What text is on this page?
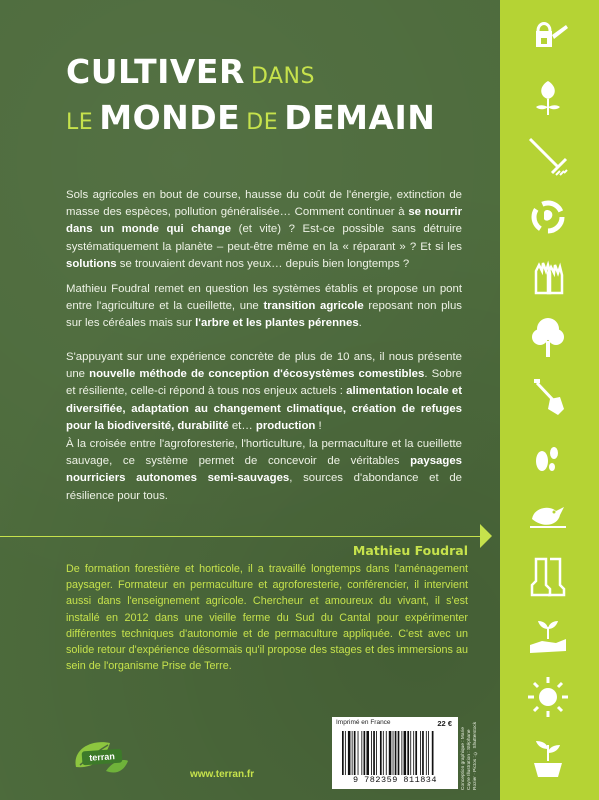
CULTIVER DANS
LE MONDE DE DEMAIN
Sols agricoles en bout de course, hausse du coût de l'énergie, extinction de masse des espèces, pollution généralisée… Comment continuer à se nourrir dans un monde qui change (et vite) ? Est-ce possible sans détruire systématiquement la planète – peut-être même en la « réparant » ? Et si les solutions se trouvaient devant nos yeux… depuis bien longtemps ?
Mathieu Foudral remet en question les systèmes établis et propose un pont entre l'agriculture et la cueillette, une transition agricole reposant non plus sur les céréales mais sur l'arbre et les plantes pérennes.
S'appuyant sur une expérience concrète de plus de 10 ans, il nous présente une nouvelle méthode de conception d'écosystèmes comestibles. Sobre et résiliente, celle-ci répond à tous nos enjeux actuels : alimentation locale et diversifiée, adaptation au changement climatique, création de refuges pour la biodiversité, durabilité et… production !
À la croisée entre l'agroforesterie, l'horticulture, la permaculture et la cueillette sauvage, ce système permet de concevoir de véritables paysages nourriciers autonomes semi-sauvages, sources d'abondance et de résilience pour tous.
Mathieu Foudral
De formation forestière et horticole, il a travaillé longtemps dans l'aménagement paysager. Formateur en permaculture et agroforesterie, conférencier, il intervient aussi dans l'enseignement agricole. Chercheur et amoureux du vivant, il s'est installé en 2012 dans une vieille ferme du Sud du Cantal pour expérimenter différentes techniques d'autonomie et de permaculture appliquée. C'est avec un solide retour d'expérience désormais qu'il propose des stages et des immersions au sein de l'organisme Prise de Terre.
terran
www.terran.fr
Imprimé en France	22 €
9 782359 811834	Conception graphique : Marie Cayre Illustration : Stéphane Rozier · Pictos : © Shutterstock
